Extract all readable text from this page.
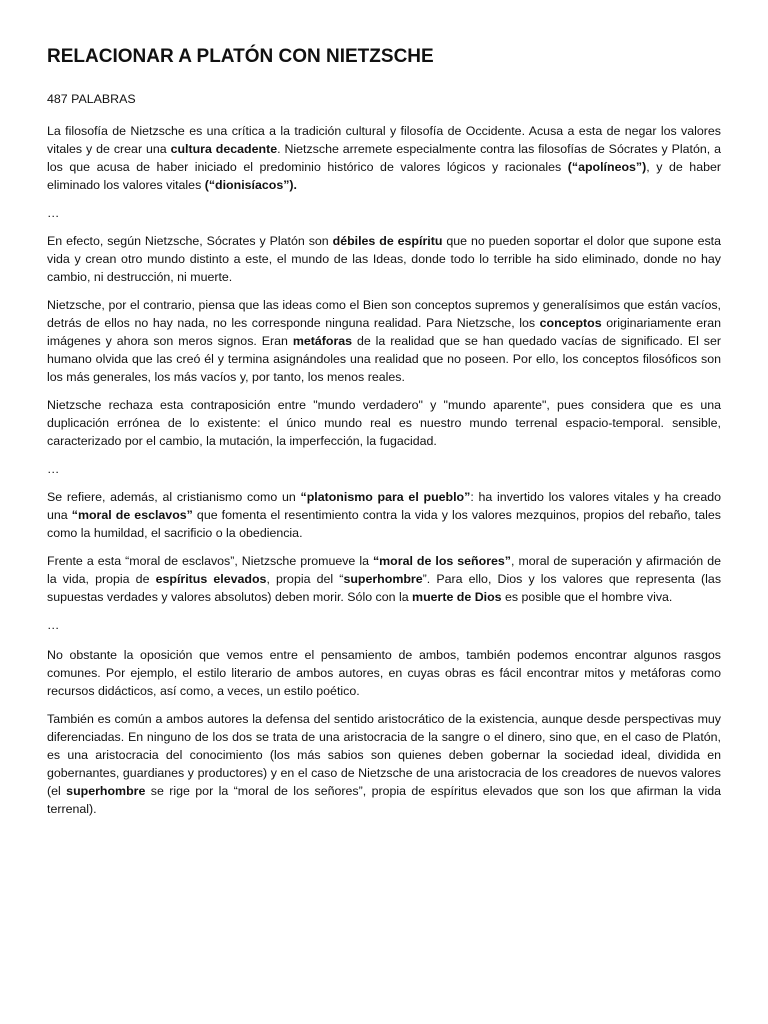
RELACIONAR A PLATÓN CON NIETZSCHE

487 PALABRAS

La filosofía de Nietzsche es una crítica a la tradición cultural y filosofía de Occidente. Acusa a esta de negar los valores vitales y de crear una cultura decadente. Nietzsche arremete especialmente contra las filosofías de Sócrates y Platón, a los que acusa de haber iniciado el predominio histórico de valores lógicos y racionales (“apolíneos”), y de haber eliminado los valores vitales (“dionisíacos”).

…

En efecto, según Nietzsche, Sócrates y Platón son débiles de espíritu que no pueden soportar el dolor que supone esta vida y crean otro mundo distinto a este, el mundo de las Ideas, donde todo lo terrible ha sido eliminado, donde no hay cambio, ni destrucción, ni muerte.

Nietzsche, por el contrario, piensa que las ideas como el Bien son conceptos supremos y generalísimos que están vacíos, detrás de ellos no hay nada, no les corresponde ninguna realidad. Para Nietzsche, los conceptos originariamente eran imágenes y ahora son meros signos. Eran metáforas de la realidad que se han quedado vacías de significado. El ser humano olvida que las creó él y termina asignándoles una realidad que no poseen. Por ello, los conceptos filosóficos son los más generales, los más vacíos y, por tanto, los menos reales.

Nietzsche rechaza esta contraposición entre "mundo verdadero" y "mundo aparente", pues considera que es una duplicación errónea de lo existente: el único mundo real es nuestro mundo terrenal espacio-temporal. sensible, caracterizado por el cambio, la mutación, la imperfección, la fugacidad.

…

Se refiere, además, al cristianismo como un “platonismo para el pueblo”: ha invertido los valores vitales y ha creado una “moral de esclavos” que fomenta el resentimiento contra la vida y los valores mezquinos, propios del rebaño, tales como la humildad, el sacrificio o la obediencia.

Frente a esta “moral de esclavos”, Nietzsche promueve la “moral de los señores”, moral de superación y afirmación de la vida, propia de espíritus elevados, propia del “superhombre”. Para ello, Dios y los valores que representa (las supuestas verdades y valores absolutos) deben morir. Sólo con la muerte de Dios es posible que el hombre viva.

…

No obstante la oposición que vemos entre el pensamiento de ambos, también podemos encontrar algunos rasgos comunes. Por ejemplo, el estilo literario de ambos autores, en cuyas obras es fácil encontrar mitos y metáforas como recursos didácticos, así como, a veces, un estilo poético.

También es común a ambos autores la defensa del sentido aristocrático de la existencia, aunque desde perspectivas muy diferenciadas. En ninguno de los dos se trata de una aristocracia de la sangre o el dinero, sino que, en el caso de Platón, es una aristocracia del conocimiento (los más sabios son quienes deben gobernar la sociedad ideal, dividida en gobernantes, guardianes y productores) y en el caso de Nietzsche de una aristocracia de los creadores de nuevos valores (el superhombre se rige por la “moral de los señores”, propia de espíritus elevados que son los que afirman la vida terrenal).
